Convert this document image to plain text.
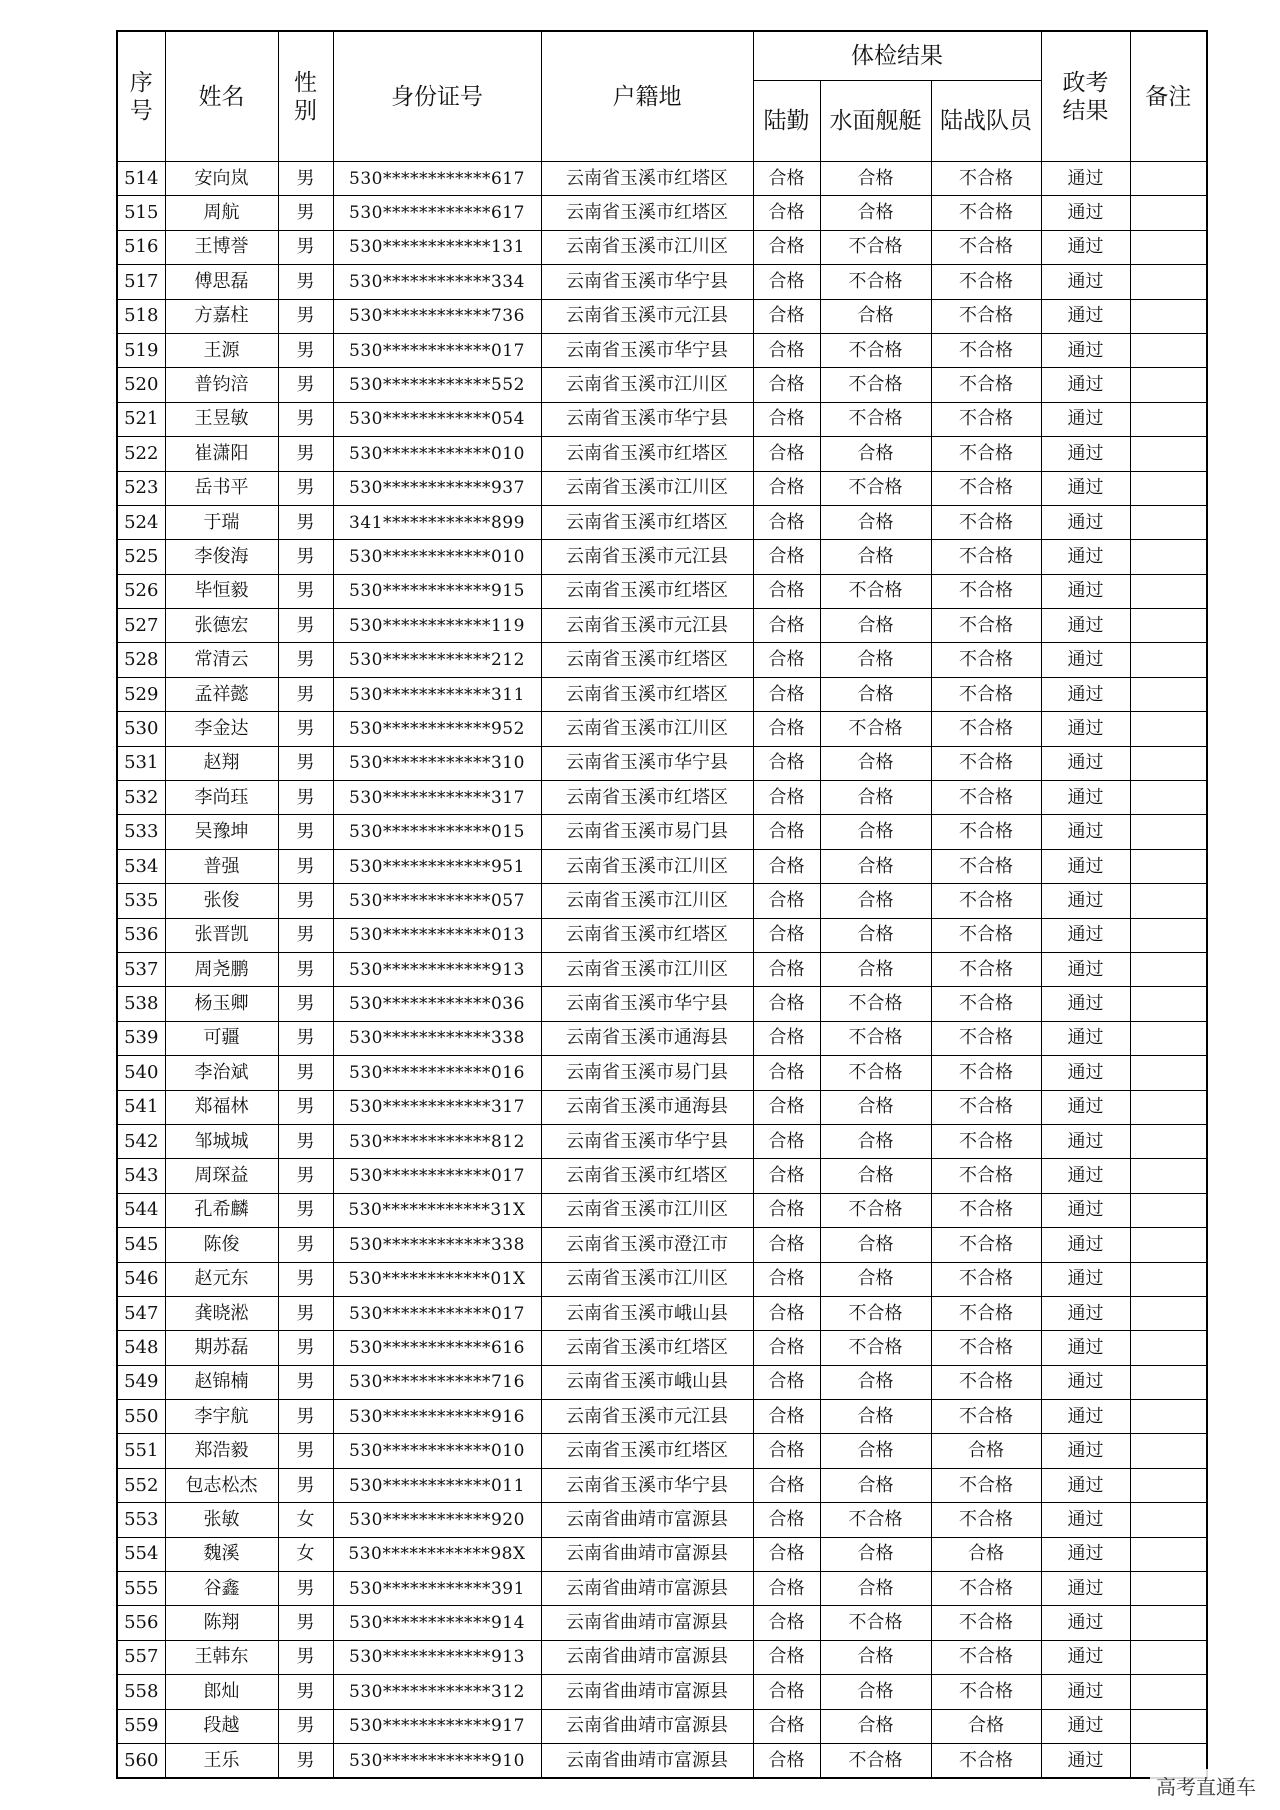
序号	姓名	性别	身份证号	户籍地	体检结果			政考结果	备注
					陆勤	水面舰艇	陆战队员		
514	安向岚	男	530************617	云南省玉溪市红塔区	合格	合格	不合格	通过	
515	周航	男	530************617	云南省玉溪市红塔区	合格	合格	不合格	通过	
516	王博誉	男	530************131	云南省玉溪市江川区	合格	不合格	不合格	通过	
517	傅思磊	男	530************334	云南省玉溪市华宁县	合格	不合格	不合格	通过	
518	方嘉柱	男	530************736	云南省玉溪市元江县	合格	合格	不合格	通过	
519	王源	男	530************017	云南省玉溪市华宁县	合格	不合格	不合格	通过	
520	普钧涪	男	530************552	云南省玉溪市江川区	合格	不合格	不合格	通过	
521	王昱敏	男	530************054	云南省玉溪市华宁县	合格	不合格	不合格	通过	
522	崔潇阳	男	530************010	云南省玉溪市红塔区	合格	合格	不合格	通过	
523	岳书平	男	530************937	云南省玉溪市江川区	合格	不合格	不合格	通过	
524	于瑞	男	341************899	云南省玉溪市红塔区	合格	合格	不合格	通过	
525	李俊海	男	530************010	云南省玉溪市元江县	合格	合格	不合格	通过	
526	毕恒毅	男	530************915	云南省玉溪市红塔区	合格	不合格	不合格	通过	
527	张德宏	男	530************119	云南省玉溪市元江县	合格	合格	不合格	通过	
528	常清云	男	530************212	云南省玉溪市红塔区	合格	合格	不合格	通过	
529	孟祥懿	男	530************311	云南省玉溪市红塔区	合格	合格	不合格	通过	
530	李金达	男	530************952	云南省玉溪市江川区	合格	不合格	不合格	通过	
531	赵翔	男	530************310	云南省玉溪市华宁县	合格	合格	不合格	通过	
532	李尚珏	男	530************317	云南省玉溪市红塔区	合格	合格	不合格	通过	
533	吴豫坤	男	530************015	云南省玉溪市易门县	合格	合格	不合格	通过	
534	普强	男	530************951	云南省玉溪市江川区	合格	合格	不合格	通过	
535	张俊	男	530************057	云南省玉溪市江川区	合格	合格	不合格	通过	
536	张晋凯	男	530************013	云南省玉溪市红塔区	合格	合格	不合格	通过	
537	周尧鹏	男	530************913	云南省玉溪市江川区	合格	合格	不合格	通过	
538	杨玉卿	男	530************036	云南省玉溪市华宁县	合格	不合格	不合格	通过	
539	可疆	男	530************338	云南省玉溪市通海县	合格	不合格	不合格	通过	
540	李治斌	男	530************016	云南省玉溪市易门县	合格	不合格	不合格	通过	
541	郑福林	男	530************317	云南省玉溪市通海县	合格	合格	不合格	通过	
542	邹城城	男	530************812	云南省玉溪市华宁县	合格	合格	不合格	通过	
543	周琛益	男	530************017	云南省玉溪市红塔区	合格	合格	不合格	通过	
544	孔希麟	男	530************31X	云南省玉溪市江川区	合格	不合格	不合格	通过	
545	陈俊	男	530************338	云南省玉溪市澄江市	合格	合格	不合格	通过	
546	赵元东	男	530************01X	云南省玉溪市江川区	合格	合格	不合格	通过	
547	龚晓淞	男	530************017	云南省玉溪市峨山县	合格	不合格	不合格	通过	
548	期苏磊	男	530************616	云南省玉溪市红塔区	合格	不合格	不合格	通过	
549	赵锦楠	男	530************716	云南省玉溪市峨山县	合格	合格	不合格	通过	
550	李宇航	男	530************916	云南省玉溪市元江县	合格	合格	不合格	通过	
551	郑浩毅	男	530************010	云南省玉溪市红塔区	合格	合格	合格	通过	
552	包志松杰	男	530************011	云南省玉溪市华宁县	合格	合格	不合格	通过	
553	张敏	女	530************920	云南省曲靖市富源县	合格	不合格	不合格	通过	
554	魏溪	女	530************98X	云南省曲靖市富源县	合格	合格	合格	通过	
555	谷鑫	男	530************391	云南省曲靖市富源县	合格	合格	不合格	通过	
556	陈翔	男	530************914	云南省曲靖市富源县	合格	不合格	不合格	通过	
557	王韩东	男	530************913	云南省曲靖市富源县	合格	合格	不合格	通过	
558	郎灿	男	530************312	云南省曲靖市富源县	合格	合格	不合格	通过	
559	段越	男	530************917	云南省曲靖市富源县	合格	合格	合格	通过	
560	王乐	男	530************910	云南省曲靖市富源县	合格	不合格	不合格	通过	
高考直通车
